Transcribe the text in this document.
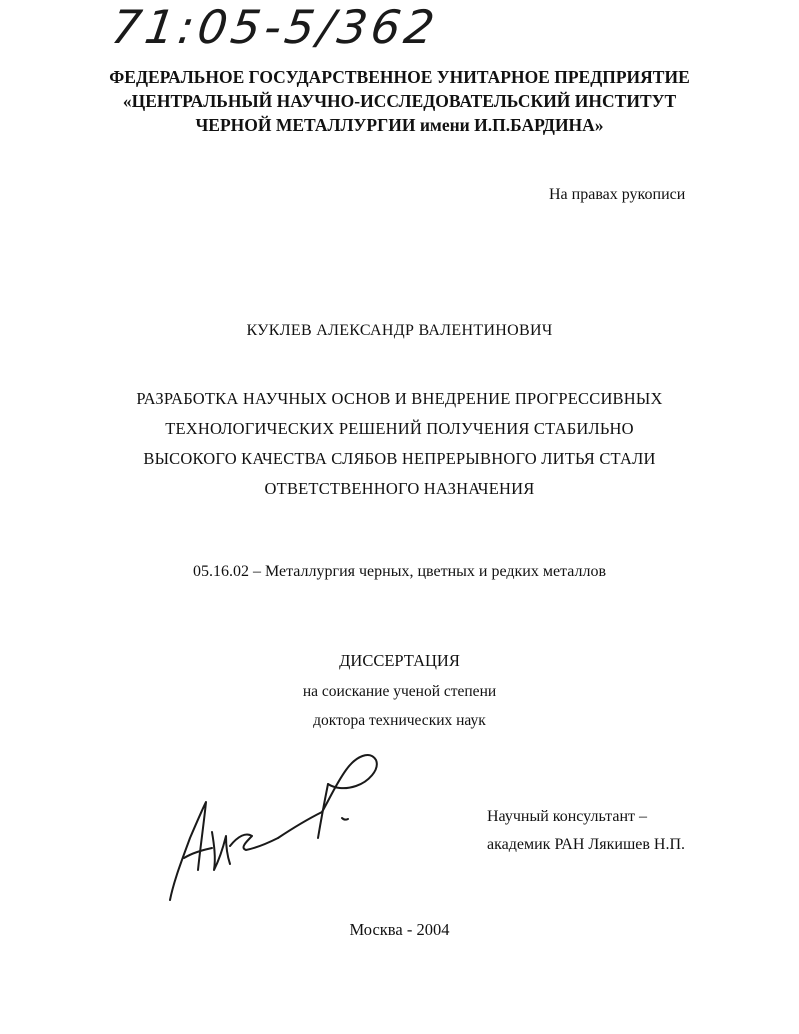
71:05-5/362
ФЕДЕРАЛЬНОЕ ГОСУДАРСТВЕННОЕ УНИТАРНОЕ ПРЕДПРИЯТИЕ
«ЦЕНТРАЛЬНЫЙ НАУЧНО-ИССЛЕДОВАТЕЛЬСКИЙ ИНСТИТУТ
ЧЕРНОЙ МЕТАЛЛУРГИИ имени И.П.БАРДИНА»
На правах рукописи
КУКЛЕВ АЛЕКСАНДР ВАЛЕНТИНОВИЧ
РАЗРАБОТКА НАУЧНЫХ ОСНОВ И ВНЕДРЕНИЕ ПРОГРЕССИВНЫХ
ТЕХНОЛОГИЧЕСКИХ РЕШЕНИЙ ПОЛУЧЕНИЯ СТАБИЛЬНО
ВЫСОКОГО КАЧЕСТВА СЛЯБОВ НЕПРЕРЫВНОГО ЛИТЬЯ СТАЛИ
ОТВЕТСТВЕННОГО НАЗНАЧЕНИЯ
05.16.02 – Металлургия черных, цветных и редких металлов
ДИССЕРТАЦИЯ
на соискание ученой степени
доктора технических наук
Научный консультант –
академик РАН Лякишев Н.П.
Москва - 2004
